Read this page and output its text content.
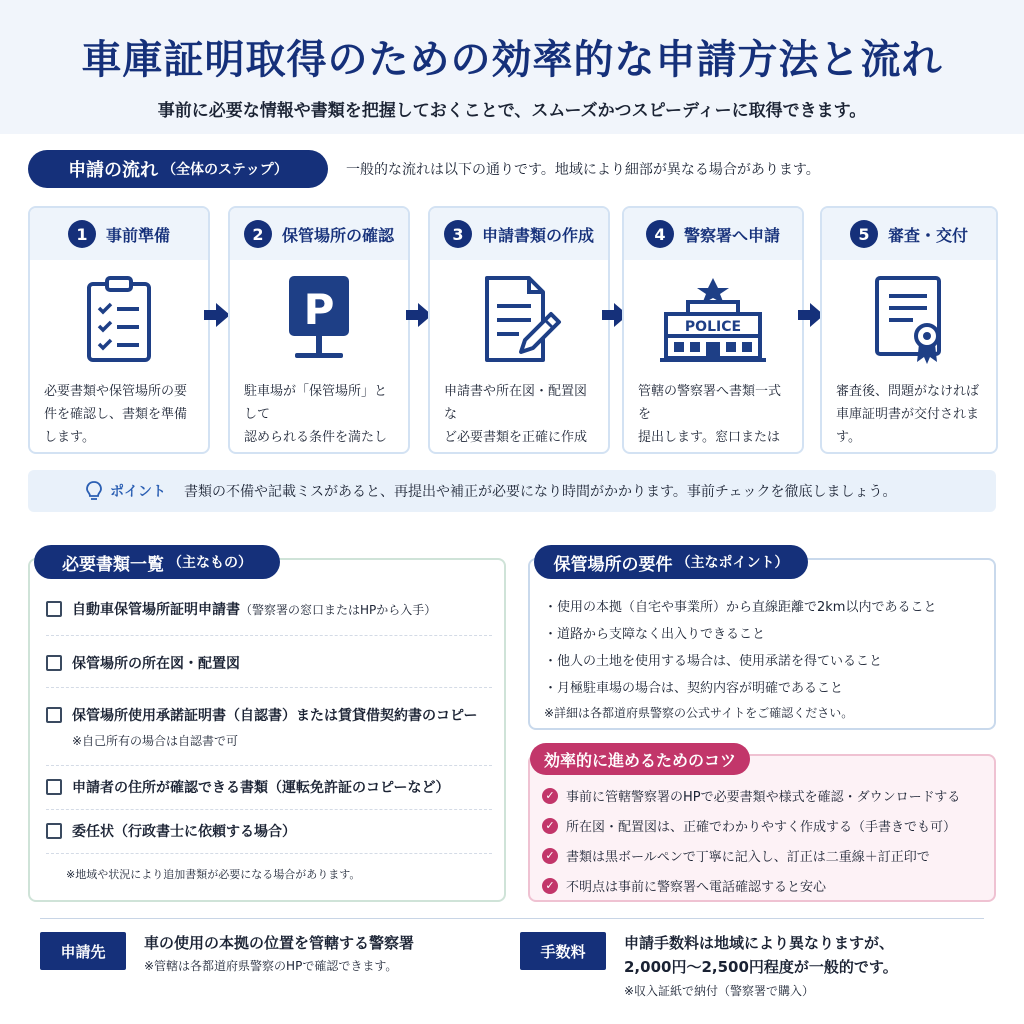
車庫証明取得のための効率的な申請方法と流れ
事前に必要な情報や書類を把握しておくことで、スムーズかつスピーディーに取得できます。
申請の流れ （全体のステップ）	一般的な流れは以下の通りです。地域により細部が異なる場合があります。
1	事前準備
必要書類や保管場所の要
件を確認し、書類を準備
します。
2	保管場所の確認
P
駐車場が「保管場所」として
認められる条件を満たし
3	申請書類の作成
申請書や所在図・配置図な
ど必要書類を正確に作成
4	警察署へ申請
POLICE
管轄の警察署へ書類一式を
提出します。窓口または
5	審査・交付
審査後、問題がなければ
車庫証明書が交付されます。
ポイント 書類の不備や記載ミスがあると、再提出や補正が必要になり時間がかかります。事前チェックを徹底しましょう。
必要書類一覧 （主なもの）
自動車保管場所証明申請書（警察署の窓口またはHPから入手）
保管場所の所在図・配置図
保管場所使用承諾証明書（自認書）または賃貸借契約書のコピー
※自己所有の場合は自認書で可
申請者の住所が確認できる書類（運転免許証のコピーなど）
委任状（行政書士に依頼する場合）
※地域や状況により追加書類が必要になる場合があります。
保管場所の要件 （主なポイント）
・使用の本拠（自宅や事業所）から直線距離で2km以内であること
・道路から支障なく出入りできること
・他人の土地を使用する場合は、使用承諾を得ていること
・月極駐車場の場合は、契約内容が明確であること
※詳細は各都道府県警察の公式サイトをご確認ください。
効率的に進めるためのコツ
✓ 事前に管轄警察署のHPで必要書類や様式を確認・ダウンロードする
✓ 所在図・配置図は、正確でわかりやすく作成する（手書きでも可）
✓ 書類は黒ボールペンで丁寧に記入し、訂正は二重線＋訂正印で
✓ 不明点は事前に警察署へ電話確認すると安心
申請先	車の使用の本拠の位置を管轄する警察署
※管轄は各都道府県警察のHPで確認できます。
手数料	申請手数料は地域により異なりますが、
2,000円〜2,500円程度が一般的です。
※収入証紙で納付（警察署で購入）
